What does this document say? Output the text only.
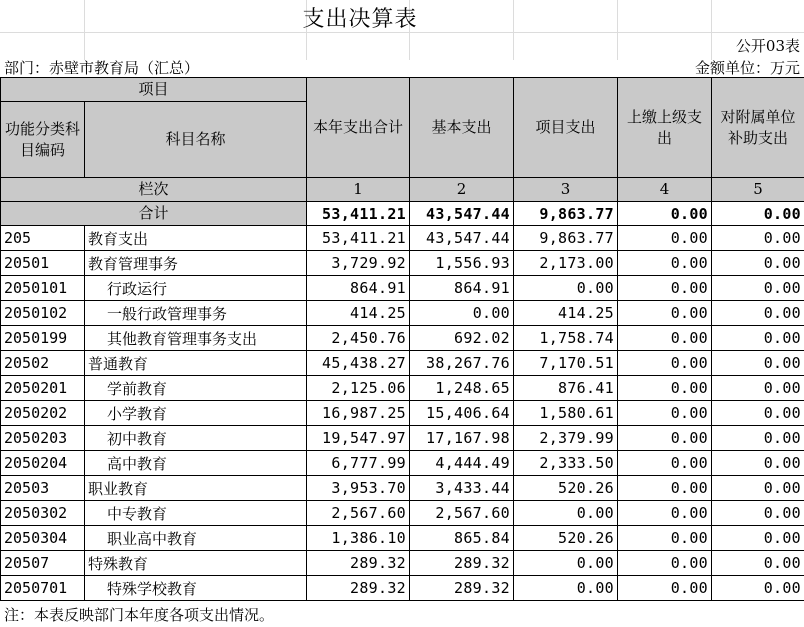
支出决算表
公开03表
部门：赤壁市教育局（汇总）	金额单位：万元
项目		本年支出合计	基本支出	项目支出	上缴上级支出	对附属单位补助支出
功能分类科目编码	科目名称					
栏次		1	2	3	4	5
合计		53,411.21	43,547.44	9,863.77	0.00	0.00
205	教育支出	53,411.21	43,547.44	9,863.77	0.00	0.00
20501	教育管理事务	3,729.92	1,556.93	2,173.00	0.00	0.00
2050101	行政运行	864.91	864.91	0.00	0.00	0.00
2050102	一般行政管理事务	414.25	0.00	414.25	0.00	0.00
2050199	其他教育管理事务支出	2,450.76	692.02	1,758.74	0.00	0.00
20502	普通教育	45,438.27	38,267.76	7,170.51	0.00	0.00
2050201	学前教育	2,125.06	1,248.65	876.41	0.00	0.00
2050202	小学教育	16,987.25	15,406.64	1,580.61	0.00	0.00
2050203	初中教育	19,547.97	17,167.98	2,379.99	0.00	0.00
2050204	高中教育	6,777.99	4,444.49	2,333.50	0.00	0.00
20503	职业教育	3,953.70	3,433.44	520.26	0.00	0.00
2050302	中专教育	2,567.60	2,567.60	0.00	0.00	0.00
2050304	职业高中教育	1,386.10	865.84	520.26	0.00	0.00
20507	特殊教育	289.32	289.32	0.00	0.00	0.00
2050701	特殊学校教育	289.32	289.32	0.00	0.00	0.00
注：本表反映部门本年度各项支出情况。
